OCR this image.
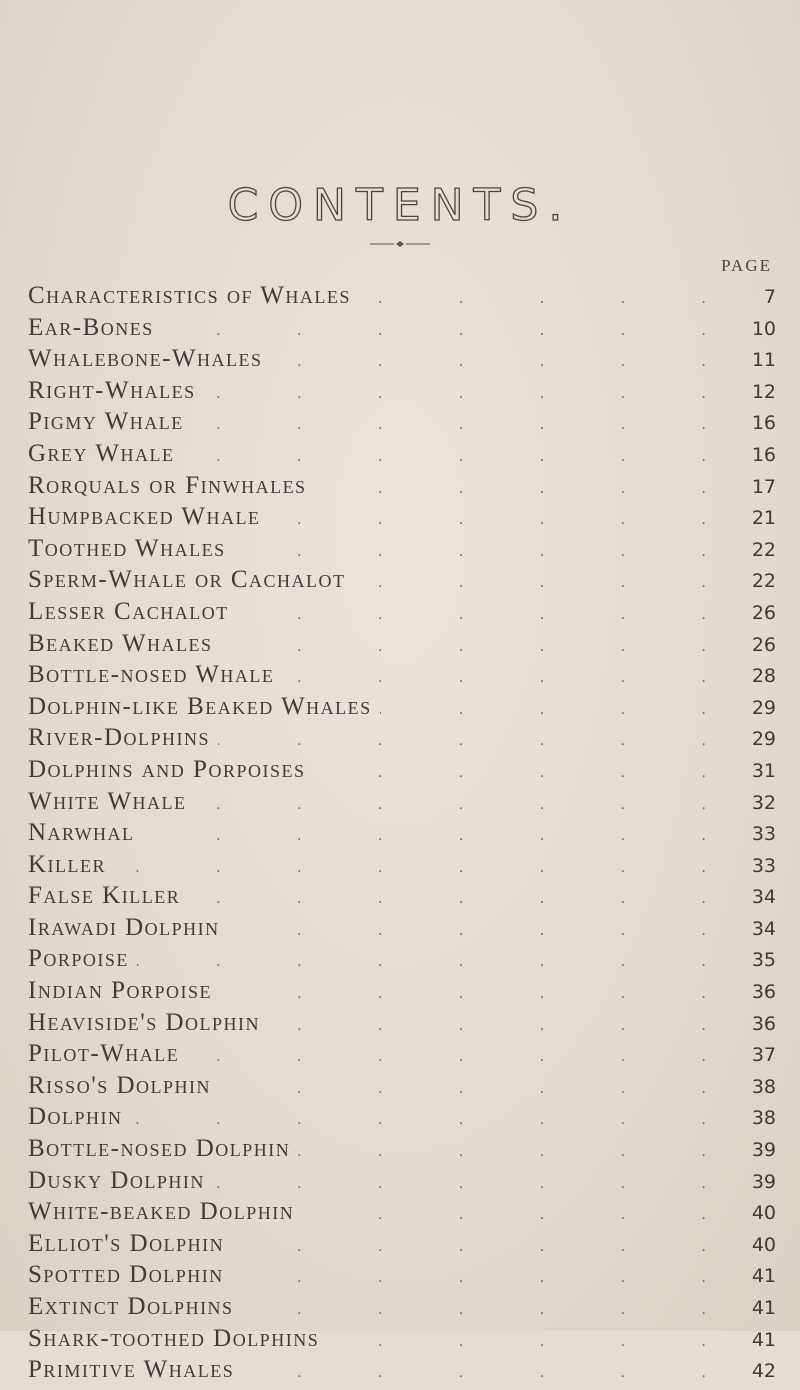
CONTENTS.
PAGE
Characteristics of Whales . . .	7
Ear-Bones . . .	10
Whalebone-Whales . . .	11
Right-Whales . . .	12
Pigmy Whale . . .	16
Grey Whale . . .	16
Rorquals or Finwhales . . .	17
Humpbacked Whale . . .	21
Toothed Whales . . .	22
Sperm-Whale or Cachalot . . .	22
Lesser Cachalot . . .	26
Beaked Whales . . .	26
Bottle-nosed Whale . . .	28
Dolphin-like Beaked Whales . . .	29
River-Dolphins . . .	29
Dolphins and Porpoises . . .	31
White Whale . . .	32
Narwhal . . .	33
Killer . . .	33
False Killer . . .	34
Irawadi Dolphin . . .	34
Porpoise . . .	35
Indian Porpoise . . .	36
Heaviside's Dolphin . . .	36
Pilot-Whale . . .	37
Risso's Dolphin . . .	38
Dolphin . . .	38
Bottle-nosed Dolphin . . .	39
Dusky Dolphin . . .	39
White-beaked Dolphin . . .	40
Elliot's Dolphin . . .	40
Spotted Dolphin . . .	41
Extinct Dolphins . . .	41
Shark-toothed Dolphins . . .	41
Primitive Whales . . .	42
